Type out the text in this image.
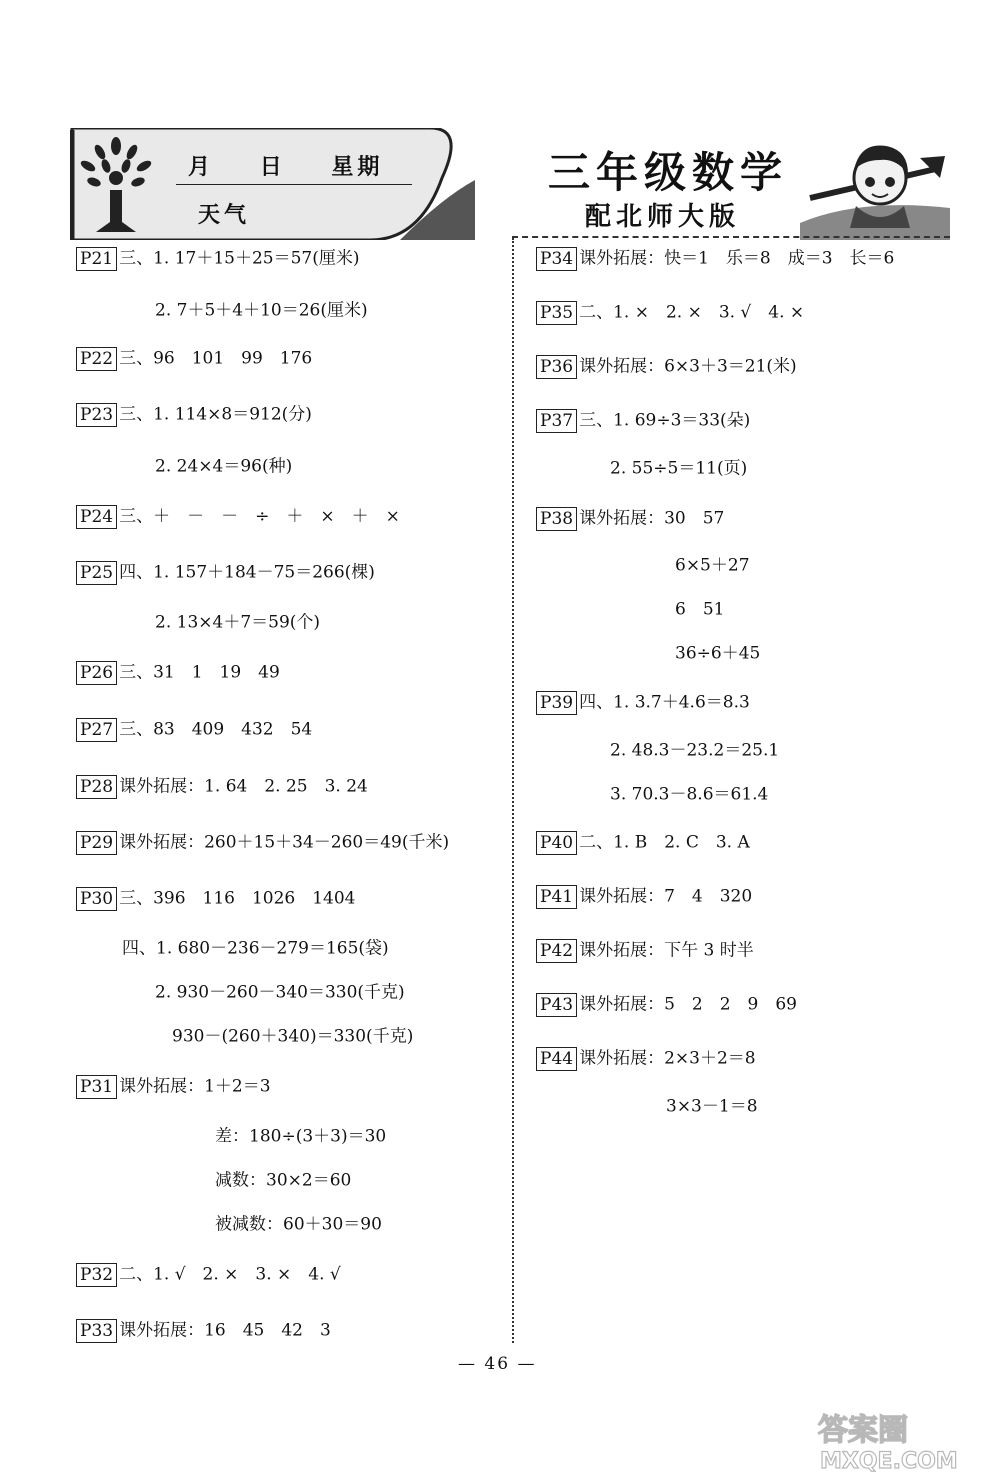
月 日 星期
天气
三年级数学
配北师大版
P21 三、1. 17＋15＋25＝57(厘米)
2. 7＋5＋4＋10＝26(厘米)
P22 三、96　101　99　176
P23 三、1. 114×8＝912(分)
2. 24×4＝96(种)
P24 三、＋　－　－　÷　＋　×　＋　×
P25 四、1. 157＋184－75＝266(棵)
2. 13×4＋7＝59(个)
P26 三、31　1　19　49
P27 三、83　409　432　54
P28 课外拓展：1. 64　2. 25　3. 24
P29 课外拓展：260＋15＋34－260＝49(千米)
P30 三、396　116　1026　1404
四、1. 680－236－279＝165(袋)
2. 930－260－340＝330(千克)
930－(260＋340)＝330(千克)
P31 课外拓展：1＋2＝3
差：180÷(3＋3)＝30
减数：30×2＝60
被减数：60＋30＝90
P32 二、1. √　2. ×　3. ×　4. √
P33 课外拓展：16　45　42　3
P34 课外拓展：快＝1　乐＝8　成＝3　长＝6
P35 二、1. ×　2. ×　3. √　4. ×
P36 课外拓展：6×3＋3＝21(米)
P37 三、1. 69÷3＝33(朵)
2. 55÷5＝11(页)
P38 课外拓展：30　57
6×5＋27
6　51
36÷6＋45
P39 四、1. 3.7＋4.6＝8.3
2. 48.3－23.2＝25.1
3. 70.3－8.6＝61.4
P40 二、1. B　2. C　3. A
P41 课外拓展：7　4　320
P42 课外拓展：下午 3 时半
P43 课外拓展：5　2　2　9　69
P44 课外拓展：2×3＋2＝8
3×3－1＝8
— 46 —
答案圈
MXQE.COM
